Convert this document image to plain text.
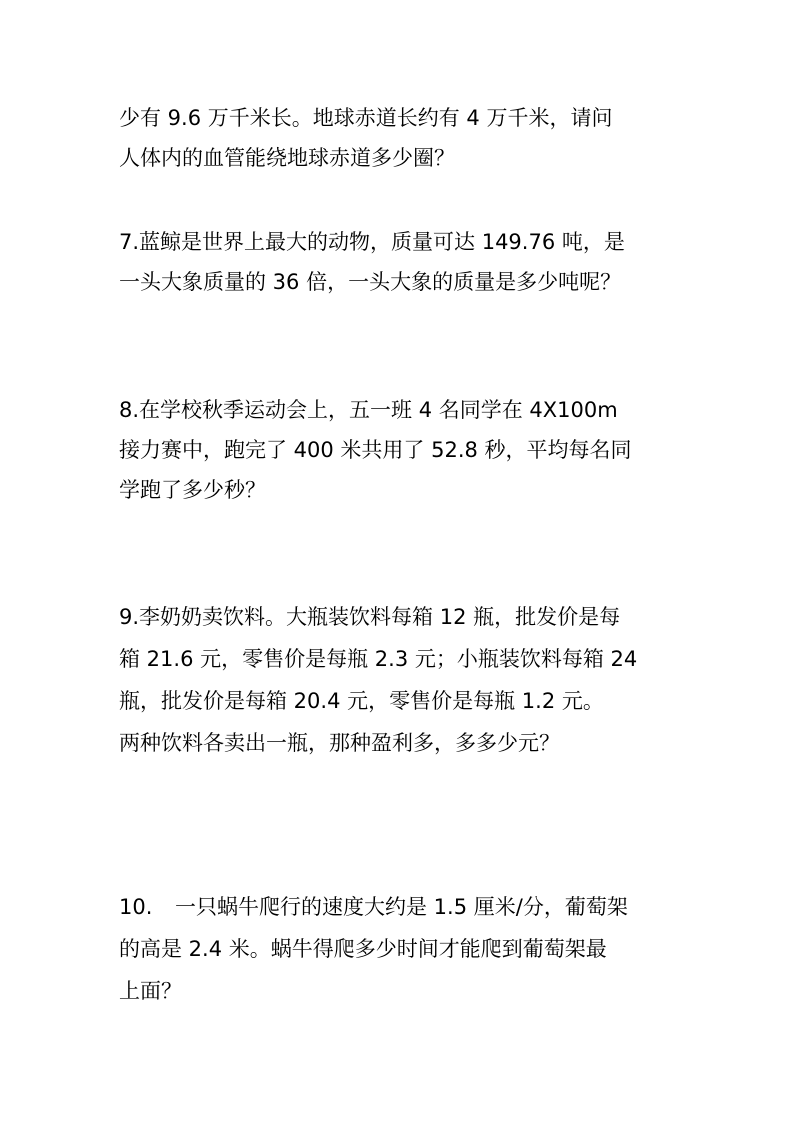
少有 9.6 万千米长。地球赤道长约有 4 万千米，请问
人体内的血管能绕地球赤道多少圈？
7.蓝鲸是世界上最大的动物，质量可达 149.76 吨，是
一头大象质量的 36 倍，一头大象的质量是多少吨呢？
8.在学校秋季运动会上，五一班 4 名同学在 4X100m
接力赛中，跑完了 400 米共用了 52.8 秒，平均每名同
学跑了多少秒？
9.李奶奶卖饮料。大瓶装饮料每箱 12 瓶，批发价是每
箱 21.6 元，零售价是每瓶 2.3 元；小瓶装饮料每箱 24
瓶，批发价是每箱 20.4 元，零售价是每瓶 1.2 元。
两种饮料各卖出一瓶，那种盈利多，多多少元？
10. 一只蜗牛爬行的速度大约是 1.5 厘米/分，葡萄架
的高是 2.4 米。蜗牛得爬多少时间才能爬到葡萄架最
上面？
